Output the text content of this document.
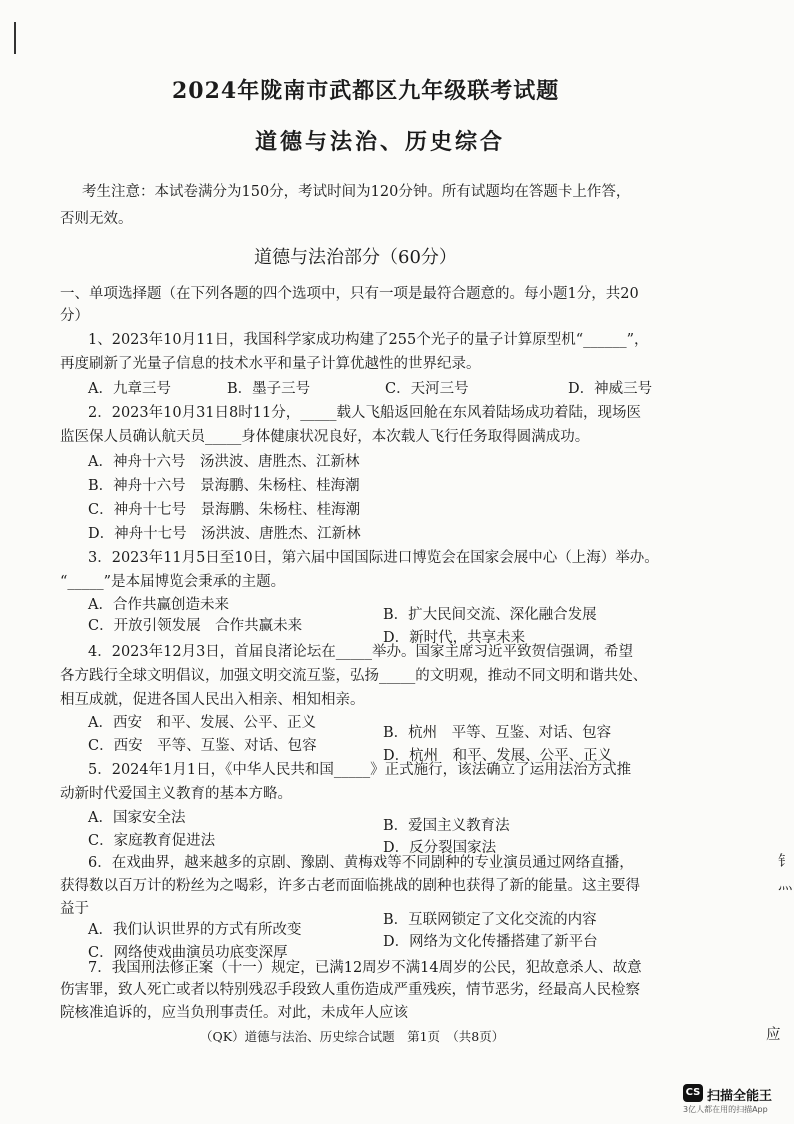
2024年陇南市武都区九年级联考试题
道德与法治、历史综合
考生注意：本试卷满分为150分，考试时间为120分钟。所有试题均在答题卡上作答，
否则无效。
道德与法治部分（60分）
一、单项选择题（在下列各题的四个选项中，只有一项是最符合题意的。每小题1分，共20
分）
1、2023年10月11日，我国科学家成功构建了255个光子的量子计算原型机“______”，
再度刷新了光量子信息的技术水平和量子计算优越性的世界纪录。
A．九章三号	B．墨子三号	C．天河三号	D．神威三号
2．2023年10月31日8时11分，_____载人飞船返回舱在东风着陆场成功着陆，现场医
监医保人员确认航天员_____身体健康状况良好，本次载人飞行任务取得圆满成功。
A．神舟十六号　汤洪波、唐胜杰、江新林
B．神舟十六号　景海鹏、朱杨柱、桂海潮
C．神舟十七号　景海鹏、朱杨柱、桂海潮
D．神舟十七号　汤洪波、唐胜杰、江新林
3．2023年11月5日至10日，第六届中国国际进口博览会在国家会展中心（上海）举办。
“_____”是本届博览会秉承的主题。
A．合作共赢创造未来
B．扩大民间交流、深化融合发展
C．开放引领发展　合作共赢未来
D．新时代，共享未来
4．2023年12月3日，首届良渚论坛在_____举办。国家主席习近平致贺信强调，希望
各方践行全球文明倡议，加强文明交流互鉴，弘扬_____的文明观，推动不同文明和谐共处、
相互成就，促进各国人民出入相亲、相知相亲。
A．西安　和平、发展、公平、正义
B．杭州　平等、互鉴、对话、包容
C．西安　平等、互鉴、对话、包容
D．杭州　和平、发展、公平、正义
5．2024年1月1日，《中华人民共和国_____》正式施行，该法确立了运用法治方式推
动新时代爱国主义教育的基本方略。
A．国家安全法	B．爱国主义教育法
C．家庭教育促进法	D．反分裂国家法
6．在戏曲界，越来越多的京剧、豫剧、黄梅戏等不同剧种的专业演员通过网络直播，
获得数以百万计的粉丝为之喝彩，许多古老而面临挑战的剧种也获得了新的能量。这主要得
益于
A．我们认识世界的方式有所改变
B．互联网锁定了文化交流的内容
C．网络使戏曲演员功底变深厚
D．网络为文化传播搭建了新平台
7．我国刑法修正案（十一）规定，已满12周岁不满14周岁的公民，犯故意杀人、故意
伤害罪，致人死亡或者以特别残忍手段致人重伤造成严重残疾，情节恶劣，经最高人民检察
院核准追诉的，应当负刑事责任。对此，未成年人应该
（QK）道德与法治、历史综合试题　第1页　（共8页）
钅
灬
应
CS 扫描全能王
3亿人都在用的扫描App
